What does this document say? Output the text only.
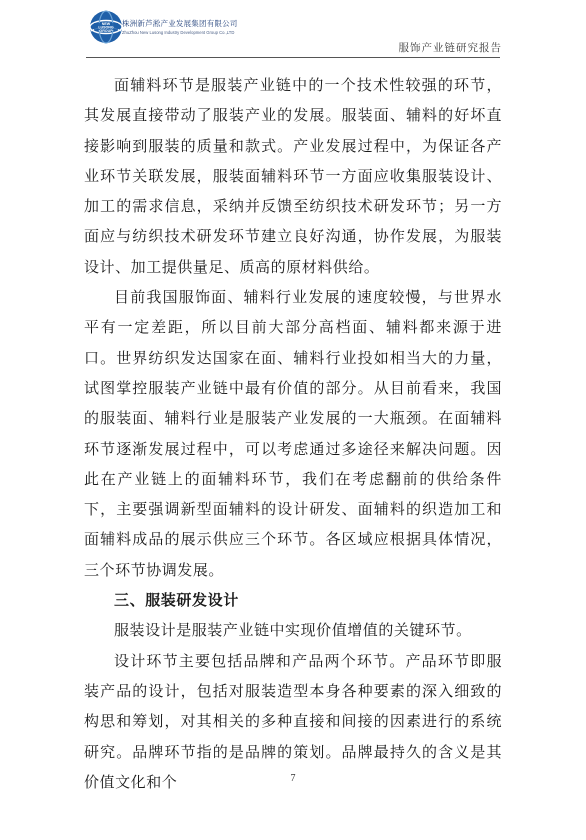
NEW
LUSONG
GROUP
株洲新芦淞产业发展集团有限公司
ZhuZhou New Lusong Industry Development Group Co.,LTD
服饰产业链研究报告

面辅料环节是服装产业链中的一个技术性较强的环节，其发展直接带动了服装产业的发展。服装面、辅料的好坏直接影响到服装的质量和款式。产业发展过程中，为保证各产业环节关联发展，服装面辅料环节一方面应收集服装设计、加工的需求信息，采纳并反馈至纺织技术研发环节；另一方面应与纺织技术研发环节建立良好沟通，协作发展，为服装设计、加工提供量足、质高的原材料供给。

目前我国服饰面、辅料行业发展的速度较慢，与世界水平有一定差距，所以目前大部分高档面、辅料都来源于进口。世界纺织发达国家在面、辅料行业投如相当大的力量，试图掌控服装产业链中最有价值的部分。从目前看来，我国的服装面、辅料行业是服装产业发展的一大瓶颈。在面辅料环节逐渐发展过程中，可以考虑通过多途径来解决问题。因此在产业链上的面辅料环节，我们在考虑翻前的供给条件下，主要强调新型面辅料的设计研发、面辅料的织造加工和面辅料成品的展示供应三个环节。各区域应根据具体情况，三个环节协调发展。

三、服装研发设计

服装设计是服装产业链中实现价值增值的关键环节。

设计环节主要包括品牌和产品两个环节。产品环节即服装产品的设计，包括对服装造型本身各种要素的深入细致的构思和筹划，对其相关的多种直接和间接的因素进行的系统研究。品牌环节指的是品牌的策划。品牌最持久的含义是其价值文化和个	7
